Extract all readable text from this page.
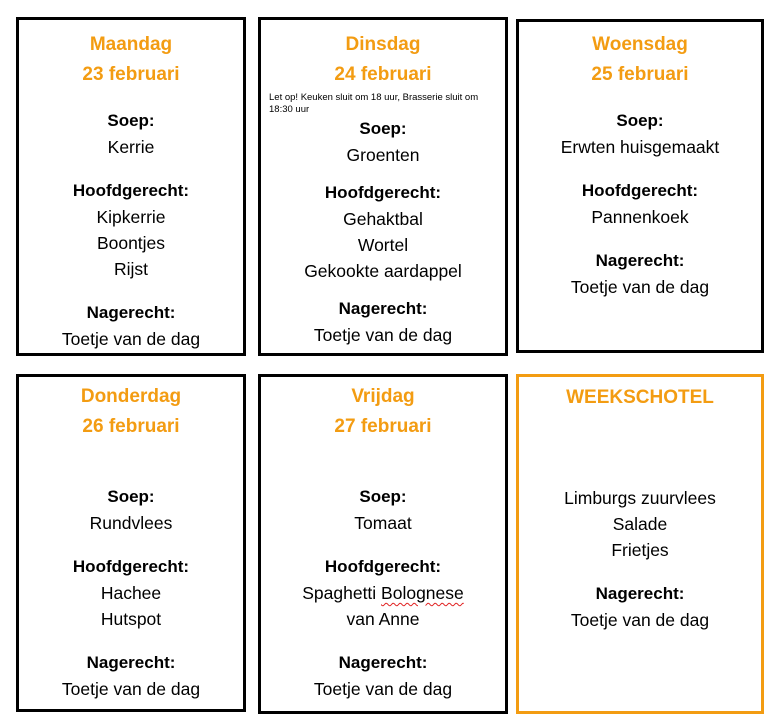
Maandag
23 februari
Soep:
Kerrie
Hoofdgerecht:
Kipkerrie
Boontjes
Rijst
Nagerecht:
Toetje van de dag
Dinsdag
24 februari
Let op! Keuken sluit om 18 uur, Brasserie sluit om 18:30 uur
Soep:
Groenten
Hoofdgerecht:
Gehaktbal
Wortel
Gekookte aardappel
Nagerecht:
Toetje van de dag
Woensdag
25 februari
Soep:
Erwten huisgemaakt
Hoofdgerecht:
Pannenkoek
Nagerecht:
Toetje van de dag
Donderdag
26 februari
Soep:
Rundvlees
Hoofdgerecht:
Hachee
Hutspot
Nagerecht:
Toetje van de dag
Vrijdag
27 februari
Soep:
Tomaat
Hoofdgerecht:
Spaghetti Bolognese
van Anne
Nagerecht:
Toetje van de dag
WEEKSCHOTEL
Limburgs zuurvlees
Salade
Frietjes
Nagerecht:
Toetje van de dag
